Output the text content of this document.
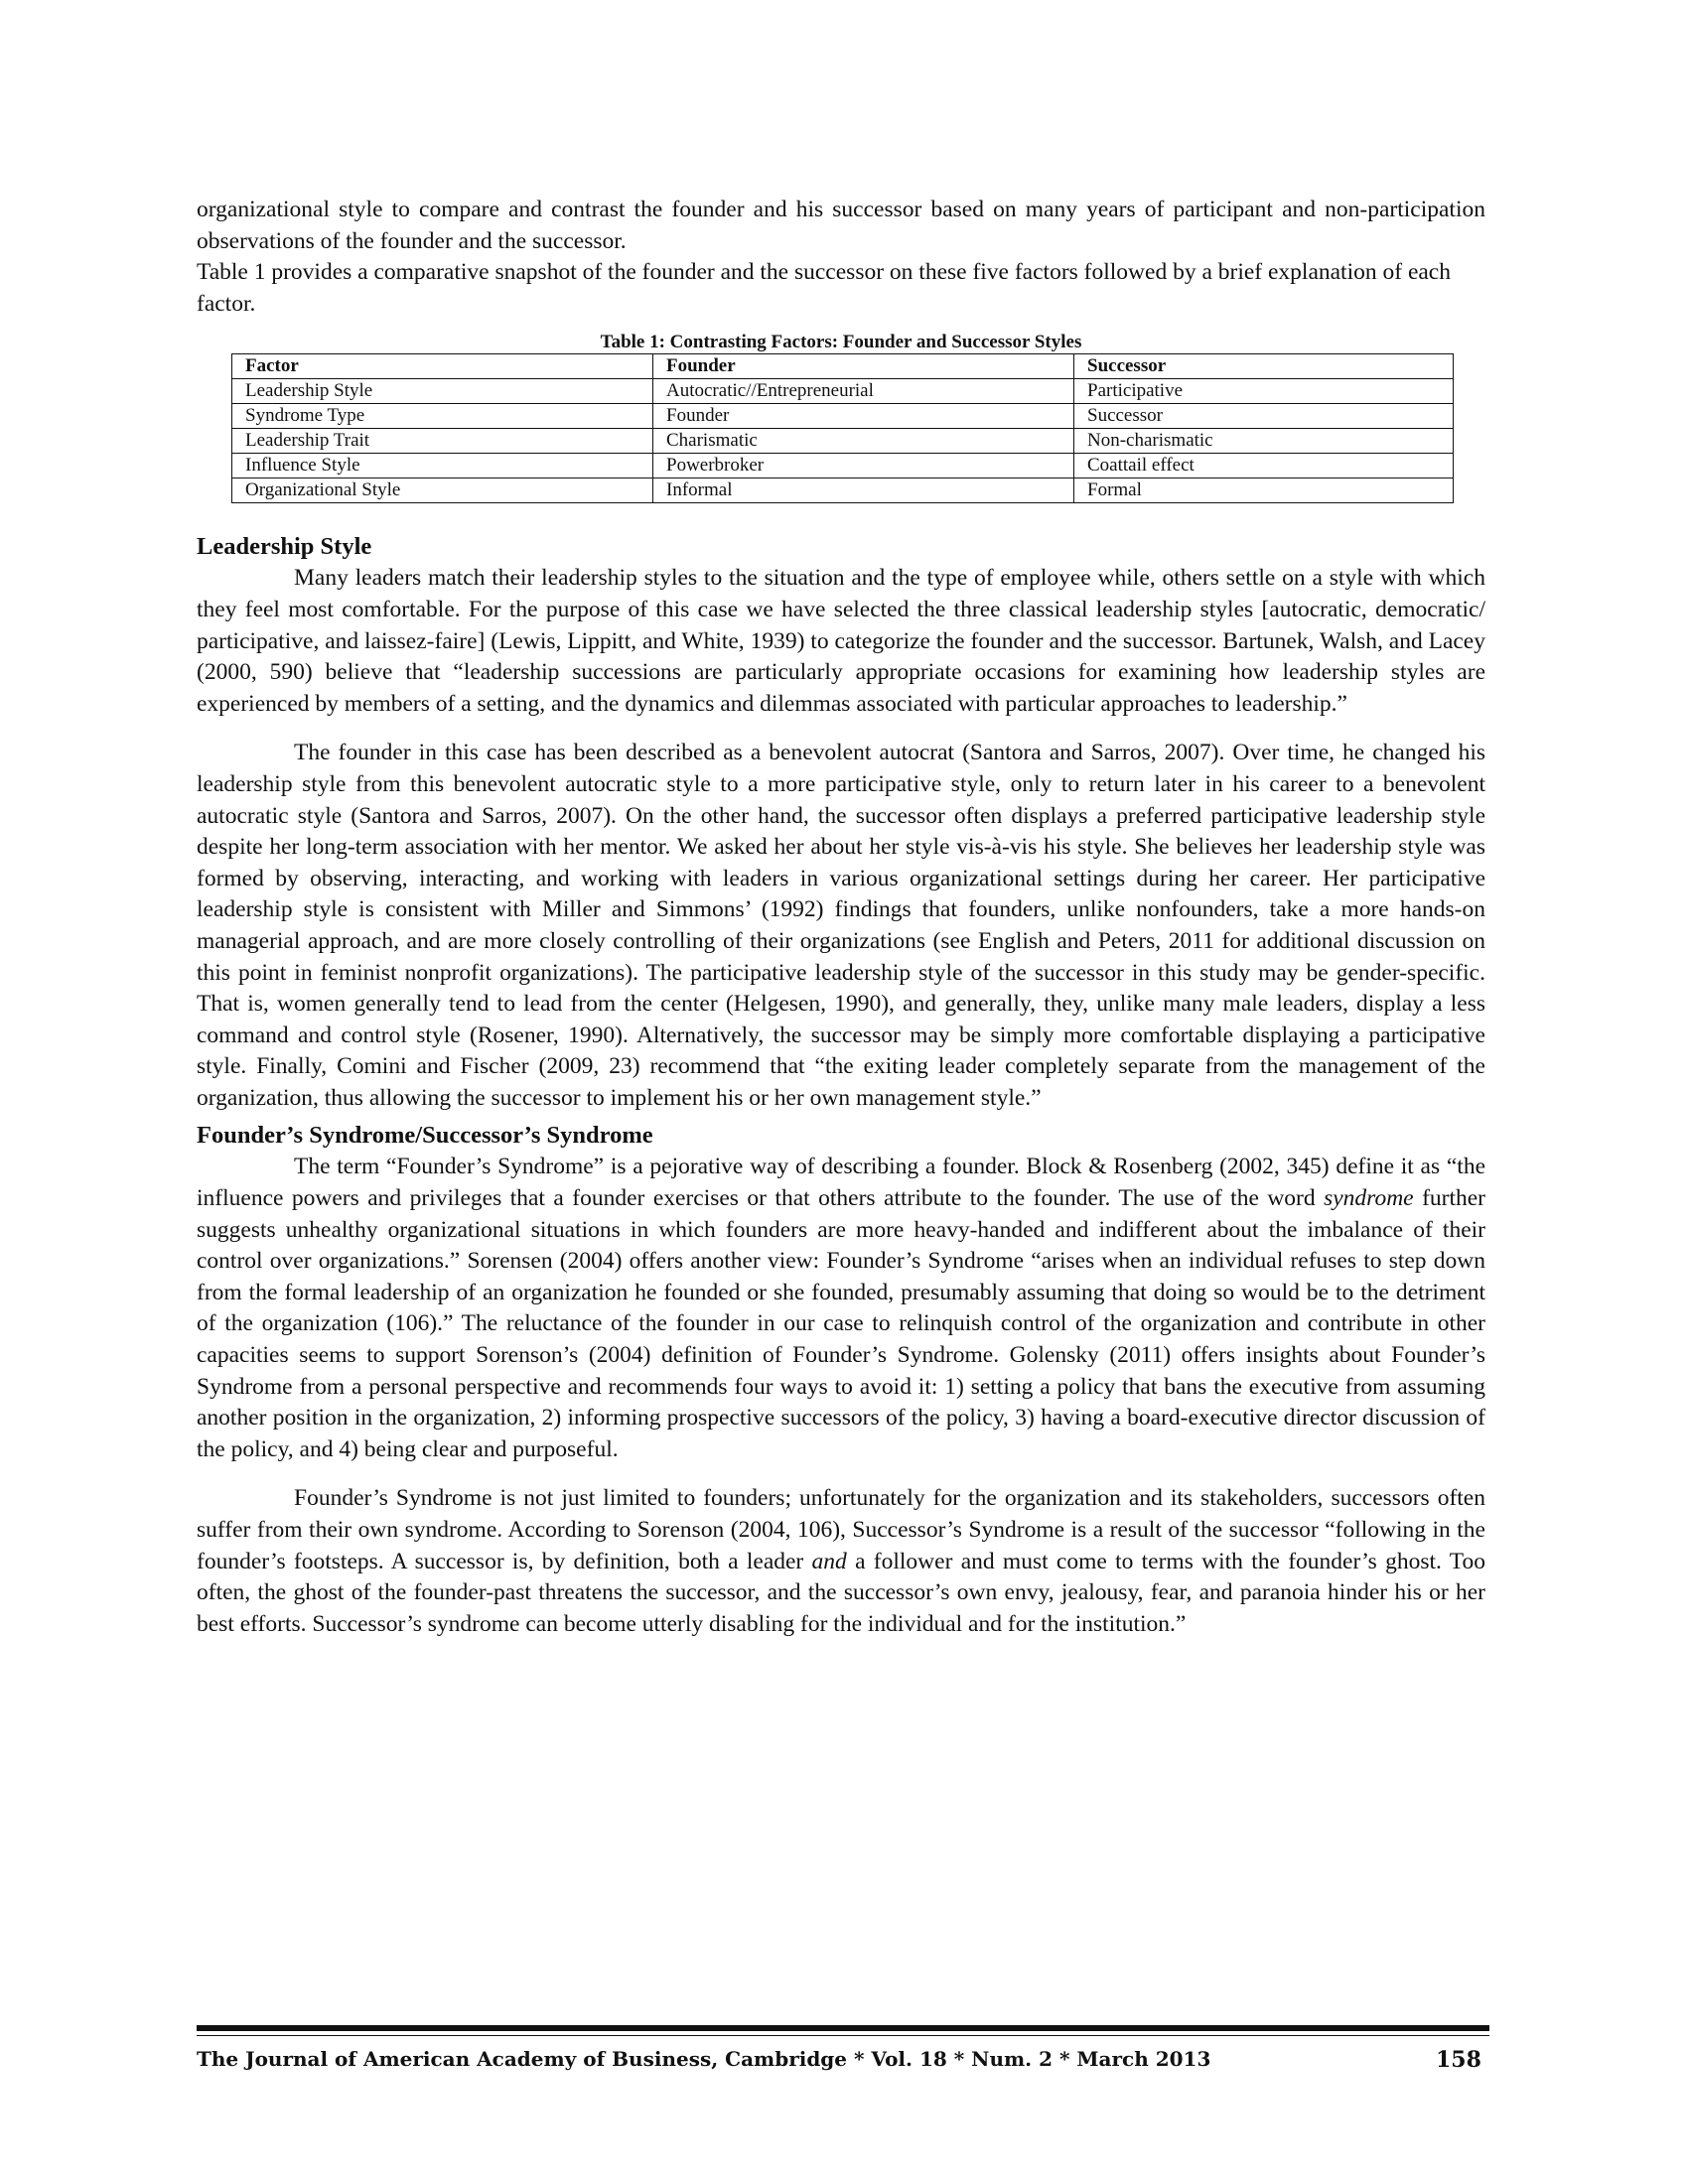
organizational style to compare and contrast the founder and his successor based on many years of participant and non-participation observations of the founder and the successor.

Table 1 provides a comparative snapshot of the founder and the successor on these five factors followed by a brief explanation of each factor.

Table 1: Contrasting Factors: Founder and Successor Styles

Factor	Founder	Successor
Leadership Style	Autocratic//Entrepreneurial	Participative
Syndrome Type	Founder	Successor
Leadership Trait	Charismatic	Non-charismatic
Influence Style	Powerbroker	Coattail effect
Organizational Style	Informal	Formal
Leadership Style

Many leaders match their leadership styles to the situation and the type of employee while, others settle on a style with which they feel most comfortable. For the purpose of this case we have selected the three classical leadership styles [autocratic, democratic/ participative, and laissez-faire] (Lewis, Lippitt, and White, 1939) to categorize the founder and the successor. Bartunek, Walsh, and Lacey (2000, 590) believe that “leadership successions are particularly appropriate occasions for examining how leadership styles are experienced by members of a setting, and the dynamics and dilemmas associated with particular approaches to leadership.”

The founder in this case has been described as a benevolent autocrat (Santora and Sarros, 2007). Over time, he changed his leadership style from this benevolent autocratic style to a more participative style, only to return later in his career to a benevolent autocratic style (Santora and Sarros, 2007). On the other hand, the successor often displays a preferred participative leadership style despite her long-term association with her mentor. We asked her about her style vis-à-vis his style. She believes her leadership style was formed by observing, interacting, and working with leaders in various organizational settings during her career. Her participative leadership style is consistent with Miller and Simmons’ (1992) findings that founders, unlike nonfounders, take a more hands-on managerial approach, and are more closely controlling of their organizations (see English and Peters, 2011 for additional discussion on this point in feminist nonprofit organizations). The participative leadership style of the successor in this study may be gender-specific. That is, women generally tend to lead from the center (Helgesen, 1990), and generally, they, unlike many male leaders, display a less command and control style (Rosener, 1990). Alternatively, the successor may be simply more comfortable displaying a participative style. Finally, Comini and Fischer (2009, 23) recommend that “the exiting leader completely separate from the management of the organization, thus allowing the successor to implement his or her own management style.”

Founder’s Syndrome/Successor’s Syndrome

The term “Founder’s Syndrome” is a pejorative way of describing a founder. Block & Rosenberg (2002, 345) define it as “the influence powers and privileges that a founder exercises or that others attribute to the founder. The use of the word syndrome further suggests unhealthy organizational situations in which founders are more heavy-handed and indifferent about the imbalance of their control over organizations.” Sorensen (2004) offers another view: Founder’s Syndrome “arises when an individual refuses to step down from the formal leadership of an organization he founded or she founded, presumably assuming that doing so would be to the detriment of the organization (106).” The reluctance of the founder in our case to relinquish control of the organization and contribute in other capacities seems to support Sorenson’s (2004) definition of Founder’s Syndrome. Golensky (2011) offers insights about Founder’s Syndrome from a personal perspective and recommends four ways to avoid it: 1) setting a policy that bans the executive from assuming another position in the organization, 2) informing prospective successors of the policy, 3) having a board-executive director discussion of the policy, and 4) being clear and purposeful.

Founder’s Syndrome is not just limited to founders; unfortunately for the organization and its stakeholders, successors often suffer from their own syndrome. According to Sorenson (2004, 106), Successor’s Syndrome is a result of the successor “following in the founder’s footsteps. A successor is, by definition, both a leader and a follower and must come to terms with the founder’s ghost. Too often, the ghost of the founder-past threatens the successor, and the successor’s own envy, jealousy, fear, and paranoia hinder his or her best efforts. Successor’s syndrome can become utterly disabling for the individual and for the institution.”

The Journal of American Academy of Business, Cambridge * Vol. 18 * Num. 2 * March 2013	158
